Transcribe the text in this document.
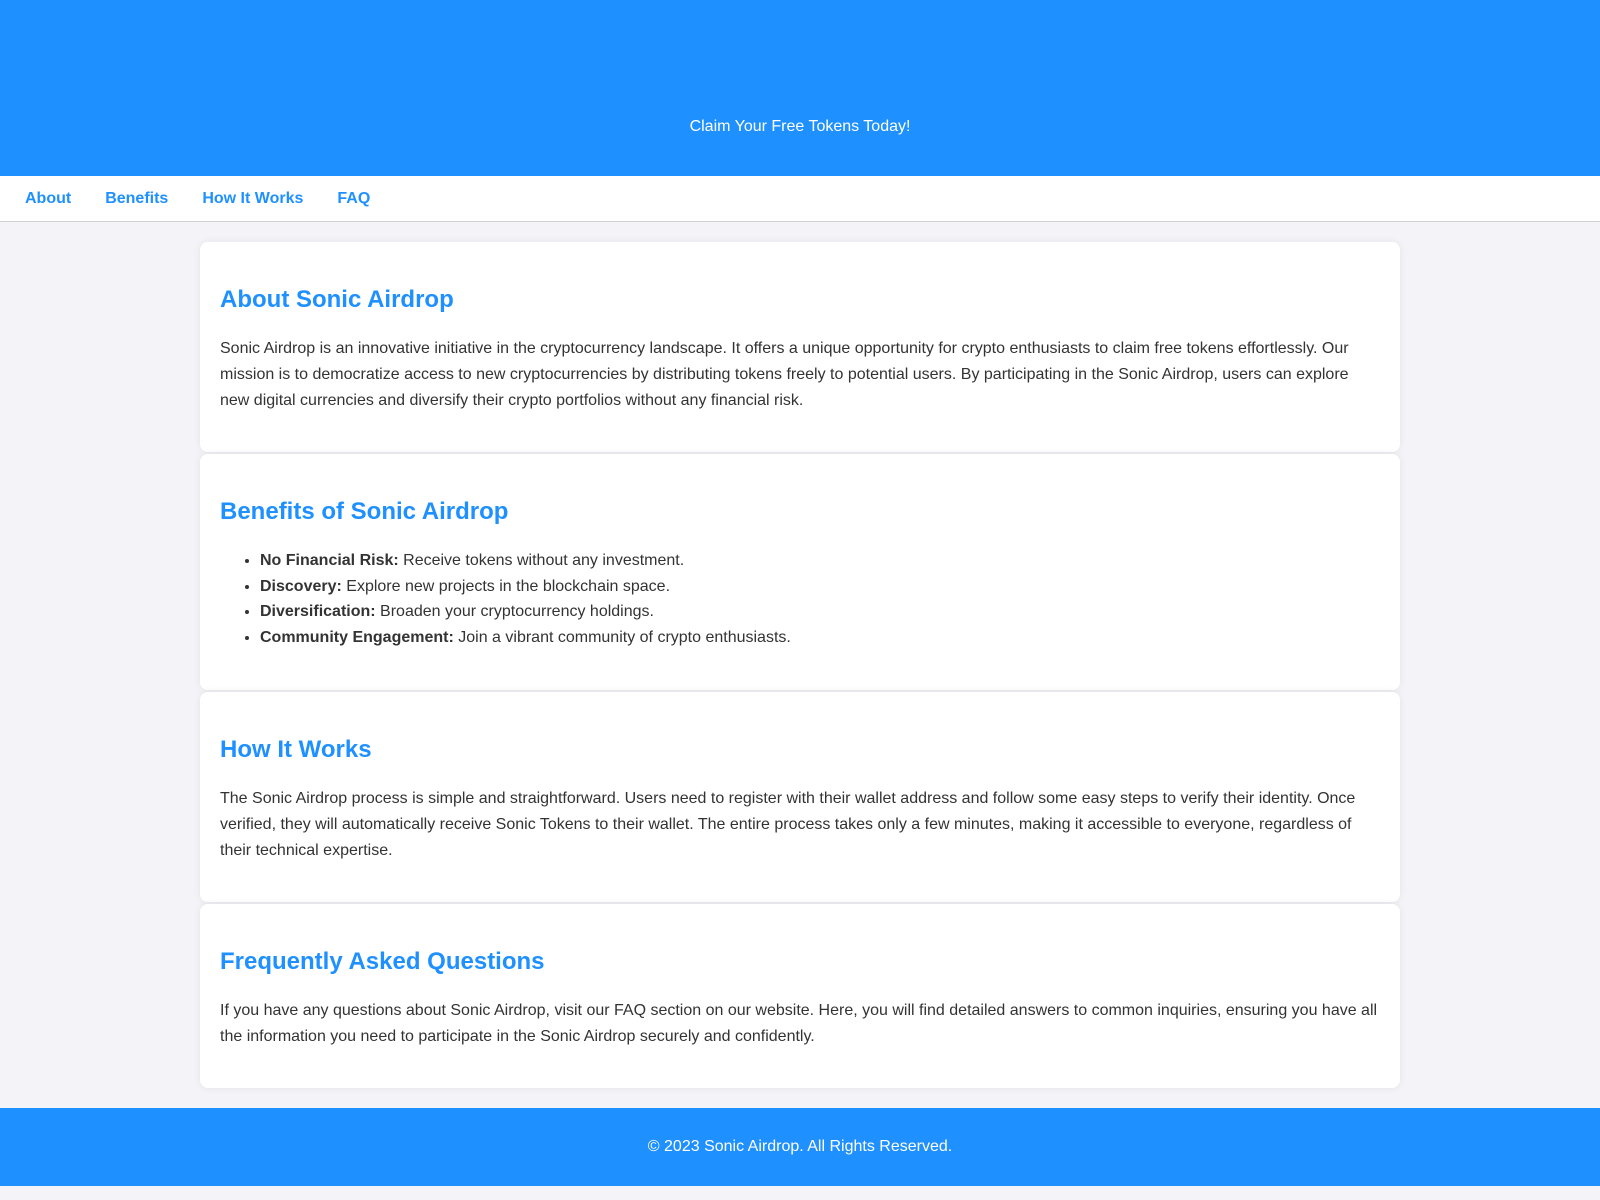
Claim Your Free Tokens Today!
About Benefits How It Works FAQ
About Sonic Airdrop

Sonic Airdrop is an innovative initiative in the cryptocurrency landscape. It offers a unique opportunity for crypto enthusiasts to claim free tokens effortlessly. Our mission is to democratize access to new cryptocurrencies by distributing tokens freely to potential users. By participating in the Sonic Airdrop, users can explore new digital currencies and diversify their crypto portfolios without any financial risk.

Benefits of Sonic Airdrop
• No Financial Risk: Receive tokens without any investment.
• Discovery: Explore new projects in the blockchain space.
• Diversification: Broaden your cryptocurrency holdings.
• Community Engagement: Join a vibrant community of crypto enthusiasts.
How It Works

The Sonic Airdrop process is simple and straightforward. Users need to register with their wallet address and follow some easy steps to verify their identity. Once verified, they will automatically receive Sonic Tokens to their wallet. The entire process takes only a few minutes, making it accessible to everyone, regardless of their technical expertise.

Frequently Asked Questions

If you have any questions about Sonic Airdrop, visit our FAQ section on our website. Here, you will find detailed answers to common inquiries, ensuring you have all the information you need to participate in the Sonic Airdrop securely and confidently.

© 2023 Sonic Airdrop. All Rights Reserved.
